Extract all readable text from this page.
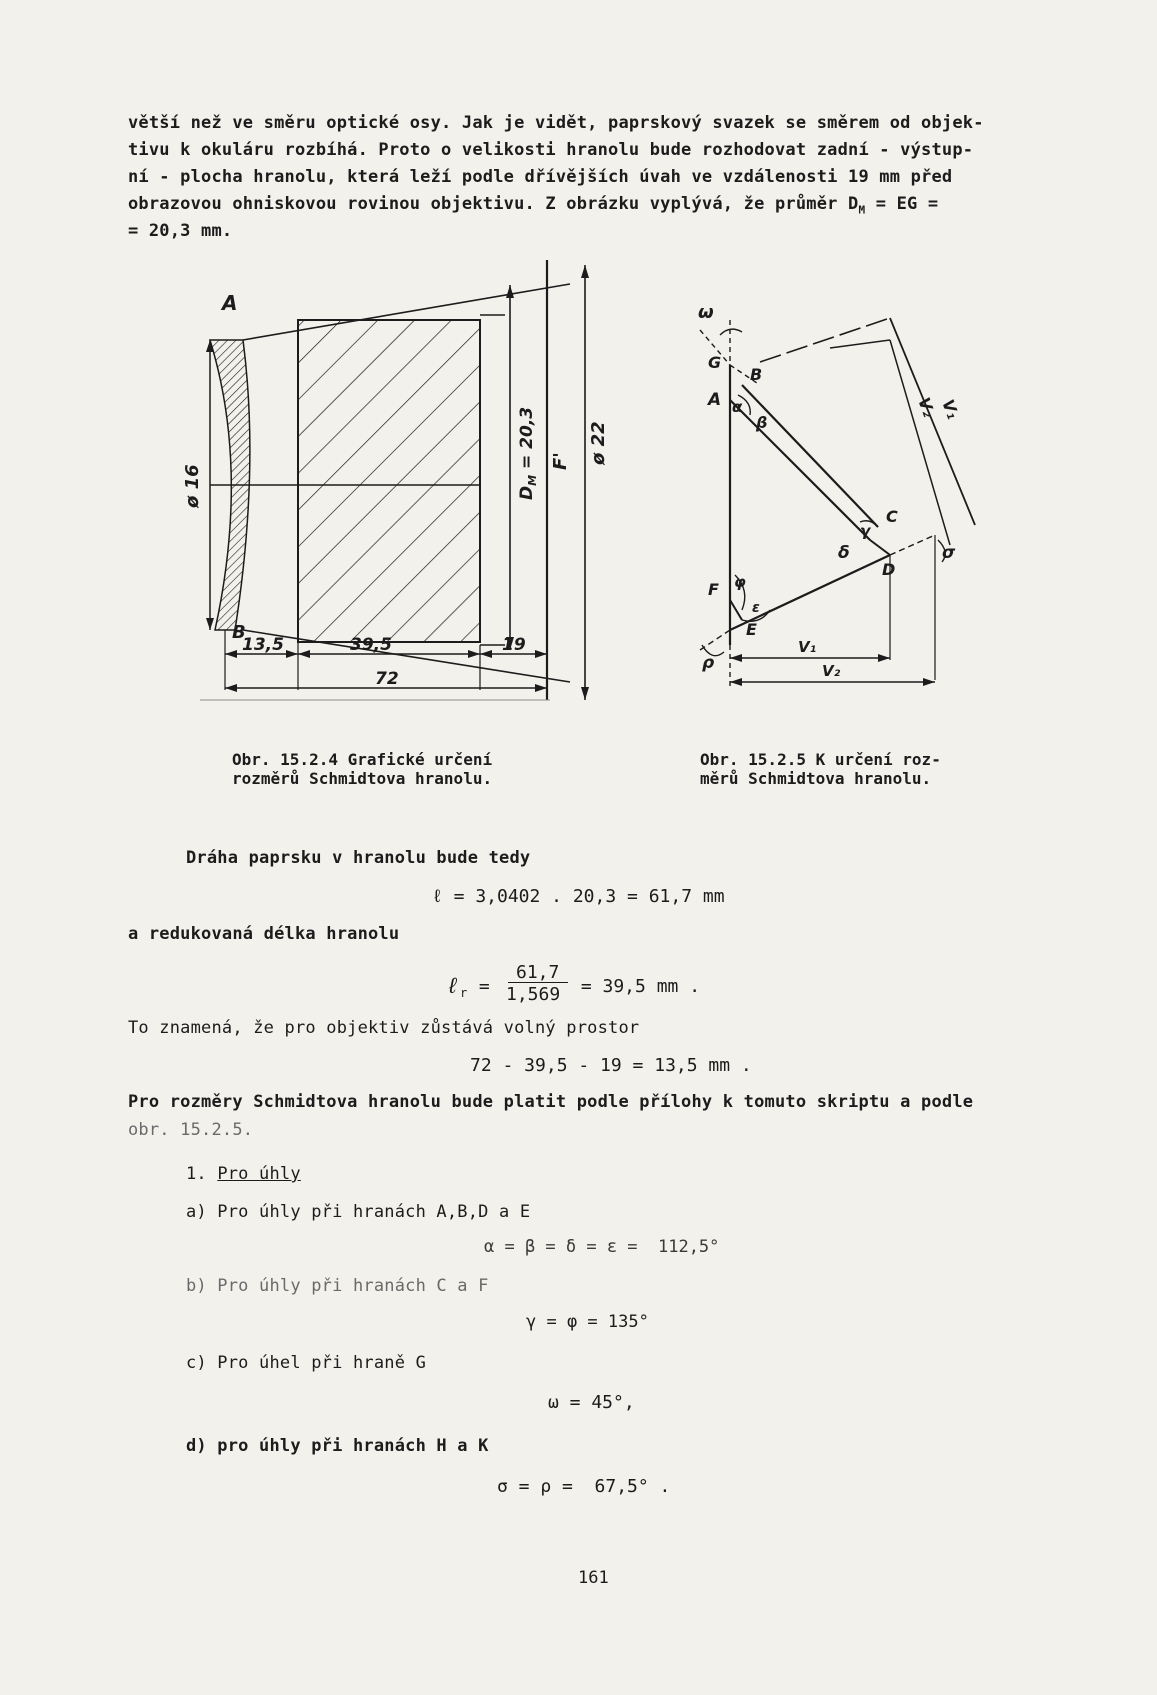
větší než ve směru optické osy. Jak je vidět, paprskový svazek se směrem od objek-
tivu k okuláru rozbíhá. Proto o velikosti hranolu bude rozhodovat zadní - výstup-
ní - plocha hranolu, která leží podle dřívějších úvah ve vzdálenosti 19 mm před
obrazovou ohniskovou rovinou objektivu. Z obrázku vyplývá, že průměr $D_M$ = EG =
= 20,3 mm.
A
B
ø 16	$D_M = 20,3$ F' ø 22
13,5	39,5	19
72
Obr. 15.2.4 Grafické určení
rozměrů Schmidtova hranolu.
ω
G
A
B
α
β
V₂ V₁
C
γ
δ
D
σ
F φ
ε
E
ρ
V₁
V₂
Obr. 15.2.5 K určení roz-
měrů Schmidtova hranolu.
Dráha paprsku v hranolu bude tedy
ℓ = 3,0402 . 20,3 = 61,7 mm
a redukovaná délka hranolu

ℓ

r

=

61,7

1,569

= 39,5 mm .

To znamená, že pro objektiv zůstává volný prostor
72 - 39,5 - 19 = 13,5 mm .
Pro rozměry Schmidtova hranolu bude platit podle přílohy k tomuto skriptu a podle
obr. 15.2.5.
1. Pro úhly
a) Pro úhly při hranách A,B,D a E
α = β = δ = ε =  112,5°
b) Pro úhly při hranách C a F
γ = φ = 135°
c) Pro úhel při hraně G
ω = 45°,
d) pro úhly při hranách H a K
σ = ρ =  67,5° .
161
